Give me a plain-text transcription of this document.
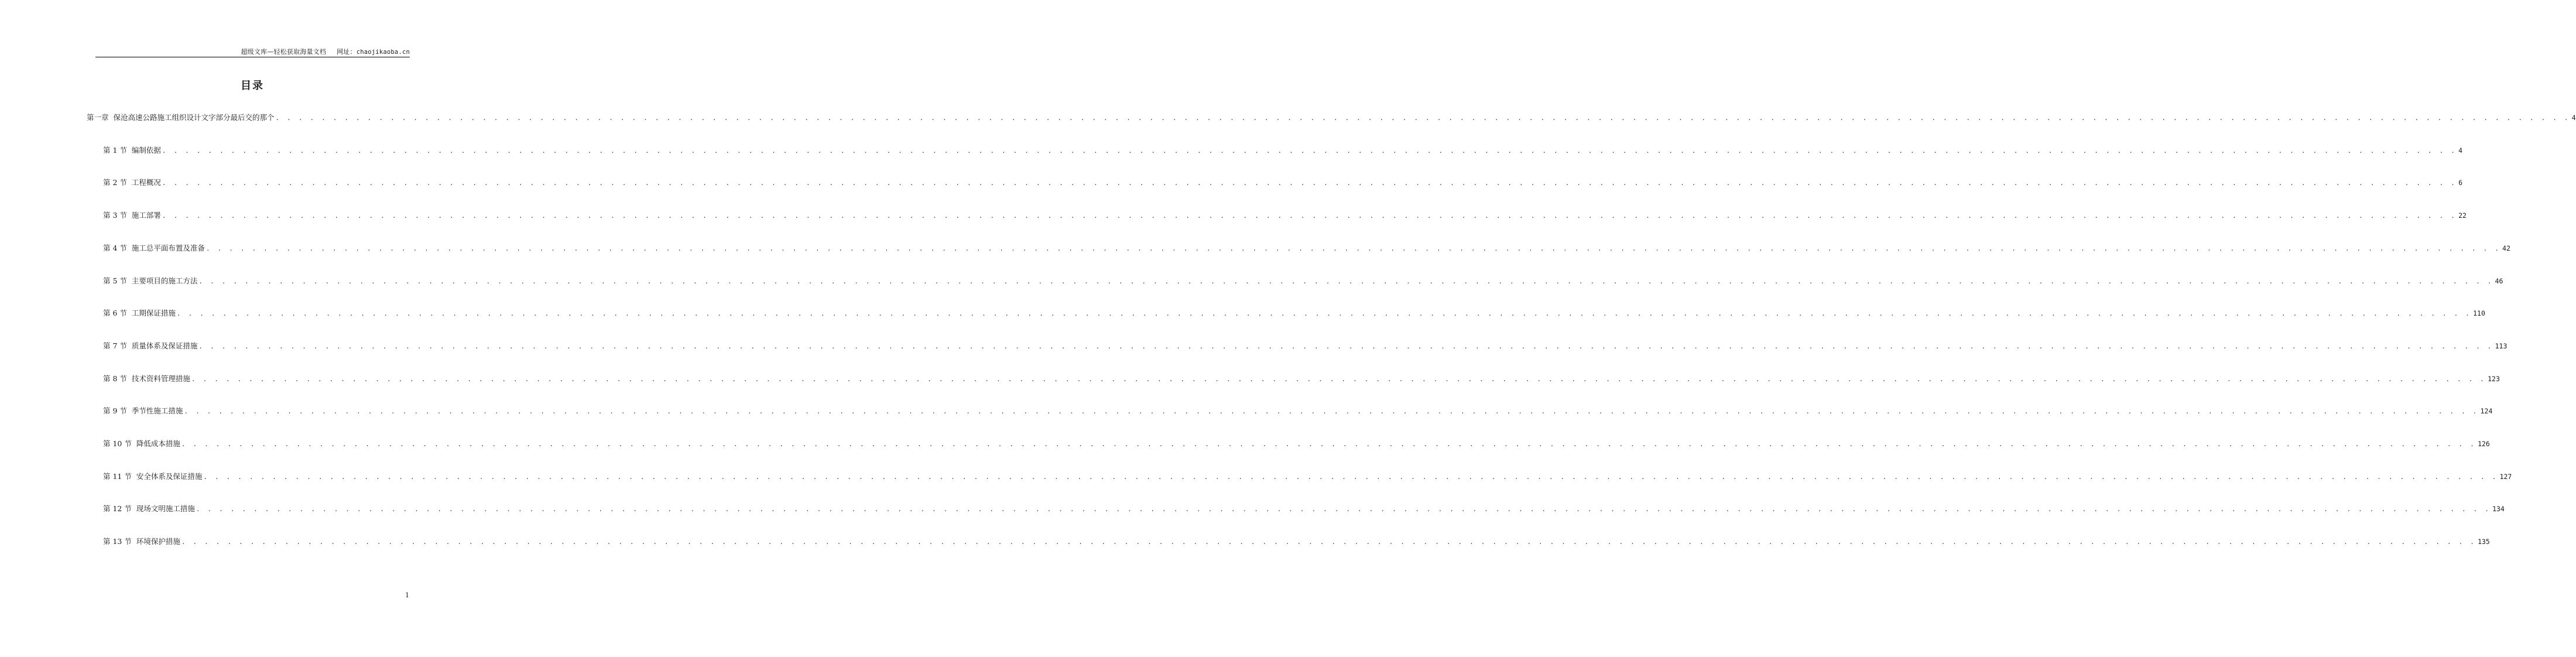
超级文库—轻松获取海量文档 网址：chaojikaoba.cn
目录
第一章 保沧高速公路施工组织设计文字部分最后交的那个 . . . . . . . . . . . . . . . . . . . . . . . . . . . . . . . . . . . . . . . . . . . . . . . . . . . . . . . . . . . . . . . . . . . . . . . . . . . . . . . . . . . . . . . . . . . . . . . . . . . . . . . . . . . . . . . . . . . . . . . . . . . . . . . . . . . . . . . . . . . . . . . . . . . . . . . . . . . . . . . . . . . . . . . . . . . . . . . . . . . . . . . . . . . . . . . . . . . . . . . . 4
第 1 节 编制依据 . . . . . . . . . . . . . . . . . . . . . . . . . . . . . . . . . . . . . . . . . . . . . . . . . . . . . . . . . . . . . . . . . . . . . . . . . . . . . . . . . . . . . . . . . . . . . . . . . . . . . . . . . . . . . . . . . . . . . . . . . . . . . . . . . . . . . . . . . . . . . . . . . . . . . . . . . . . . . . . . . . . . . . . . . . . . . . . . . . . . . . . . . . . . . . . . . . . . . . . . 4
第 2 节 工程概况 . . . . . . . . . . . . . . . . . . . . . . . . . . . . . . . . . . . . . . . . . . . . . . . . . . . . . . . . . . . . . . . . . . . . . . . . . . . . . . . . . . . . . . . . . . . . . . . . . . . . . . . . . . . . . . . . . . . . . . . . . . . . . . . . . . . . . . . . . . . . . . . . . . . . . . . . . . . . . . . . . . . . . . . . . . . . . . . . . . . . . . . . . . . . . . . . . . . . . . . . 6
第 3 节 施工部署 . . . . . . . . . . . . . . . . . . . . . . . . . . . . . . . . . . . . . . . . . . . . . . . . . . . . . . . . . . . . . . . . . . . . . . . . . . . . . . . . . . . . . . . . . . . . . . . . . . . . . . . . . . . . . . . . . . . . . . . . . . . . . . . . . . . . . . . . . . . . . . . . . . . . . . . . . . . . . . . . . . . . . . . . . . . . . . . . . . . . . . . . . . . . . . . . . . . . . . . . 22
第 4 节 施工总平面布置及准备 . . . . . . . . . . . . . . . . . . . . . . . . . . . . . . . . . . . . . . . . . . . . . . . . . . . . . . . . . . . . . . . . . . . . . . . . . . . . . . . . . . . . . . . . . . . . . . . . . . . . . . . . . . . . . . . . . . . . . . . . . . . . . . . . . . . . . . . . . . . . . . . . . . . . . . . . . . . . . . . . . . . . . . . . . . . . . . . . . . . . . . . . . . . . . . . . . . . . . . . . 42
第 5 节 主要项目的施工方法 . . . . . . . . . . . . . . . . . . . . . . . . . . . . . . . . . . . . . . . . . . . . . . . . . . . . . . . . . . . . . . . . . . . . . . . . . . . . . . . . . . . . . . . . . . . . . . . . . . . . . . . . . . . . . . . . . . . . . . . . . . . . . . . . . . . . . . . . . . . . . . . . . . . . . . . . . . . . . . . . . . . . . . . . . . . . . . . . . . . . . . . . . . . . . . . . . . . . . . . . 46
第 6 节 工期保证措施 . . . . . . . . . . . . . . . . . . . . . . . . . . . . . . . . . . . . . . . . . . . . . . . . . . . . . . . . . . . . . . . . . . . . . . . . . . . . . . . . . . . . . . . . . . . . . . . . . . . . . . . . . . . . . . . . . . . . . . . . . . . . . . . . . . . . . . . . . . . . . . . . . . . . . . . . . . . . . . . . . . . . . . . . . . . . . . . . . . . . . . . . . . . . . . . . . . . . . . . . 110
第 7 节 质量体系及保证措施 . . . . . . . . . . . . . . . . . . . . . . . . . . . . . . . . . . . . . . . . . . . . . . . . . . . . . . . . . . . . . . . . . . . . . . . . . . . . . . . . . . . . . . . . . . . . . . . . . . . . . . . . . . . . . . . . . . . . . . . . . . . . . . . . . . . . . . . . . . . . . . . . . . . . . . . . . . . . . . . . . . . . . . . . . . . . . . . . . . . . . . . . . . . . . . . . . . . . . . . . 113
第 8 节 技术资料管理措施 . . . . . . . . . . . . . . . . . . . . . . . . . . . . . . . . . . . . . . . . . . . . . . . . . . . . . . . . . . . . . . . . . . . . . . . . . . . . . . . . . . . . . . . . . . . . . . . . . . . . . . . . . . . . . . . . . . . . . . . . . . . . . . . . . . . . . . . . . . . . . . . . . . . . . . . . . . . . . . . . . . . . . . . . . . . . . . . . . . . . . . . . . . . . . . . . . . . . . . . . 123
第 9 节 季节性施工措施 . . . . . . . . . . . . . . . . . . . . . . . . . . . . . . . . . . . . . . . . . . . . . . . . . . . . . . . . . . . . . . . . . . . . . . . . . . . . . . . . . . . . . . . . . . . . . . . . . . . . . . . . . . . . . . . . . . . . . . . . . . . . . . . . . . . . . . . . . . . . . . . . . . . . . . . . . . . . . . . . . . . . . . . . . . . . . . . . . . . . . . . . . . . . . . . . . . . . . . . . 124
第 10 节 降低成本措施 . . . . . . . . . . . . . . . . . . . . . . . . . . . . . . . . . . . . . . . . . . . . . . . . . . . . . . . . . . . . . . . . . . . . . . . . . . . . . . . . . . . . . . . . . . . . . . . . . . . . . . . . . . . . . . . . . . . . . . . . . . . . . . . . . . . . . . . . . . . . . . . . . . . . . . . . . . . . . . . . . . . . . . . . . . . . . . . . . . . . . . . . . . . . . . . . . . . . . . . . 126
第 11 节 安全体系及保证措施 . . . . . . . . . . . . . . . . . . . . . . . . . . . . . . . . . . . . . . . . . . . . . . . . . . . . . . . . . . . . . . . . . . . . . . . . . . . . . . . . . . . . . . . . . . . . . . . . . . . . . . . . . . . . . . . . . . . . . . . . . . . . . . . . . . . . . . . . . . . . . . . . . . . . . . . . . . . . . . . . . . . . . . . . . . . . . . . . . . . . . . . . . . . . . . . . . . . . . . . . 127
第 12 节 现场文明施工措施 . . . . . . . . . . . . . . . . . . . . . . . . . . . . . . . . . . . . . . . . . . . . . . . . . . . . . . . . . . . . . . . . . . . . . . . . . . . . . . . . . . . . . . . . . . . . . . . . . . . . . . . . . . . . . . . . . . . . . . . . . . . . . . . . . . . . . . . . . . . . . . . . . . . . . . . . . . . . . . . . . . . . . . . . . . . . . . . . . . . . . . . . . . . . . . . . . . . . . . . . 134
第 13 节 环境保护措施 . . . . . . . . . . . . . . . . . . . . . . . . . . . . . . . . . . . . . . . . . . . . . . . . . . . . . . . . . . . . . . . . . . . . . . . . . . . . . . . . . . . . . . . . . . . . . . . . . . . . . . . . . . . . . . . . . . . . . . . . . . . . . . . . . . . . . . . . . . . . . . . . . . . . . . . . . . . . . . . . . . . . . . . . . . . . . . . . . . . . . . . . . . . . . . . . . . . . . . . . 135
1
